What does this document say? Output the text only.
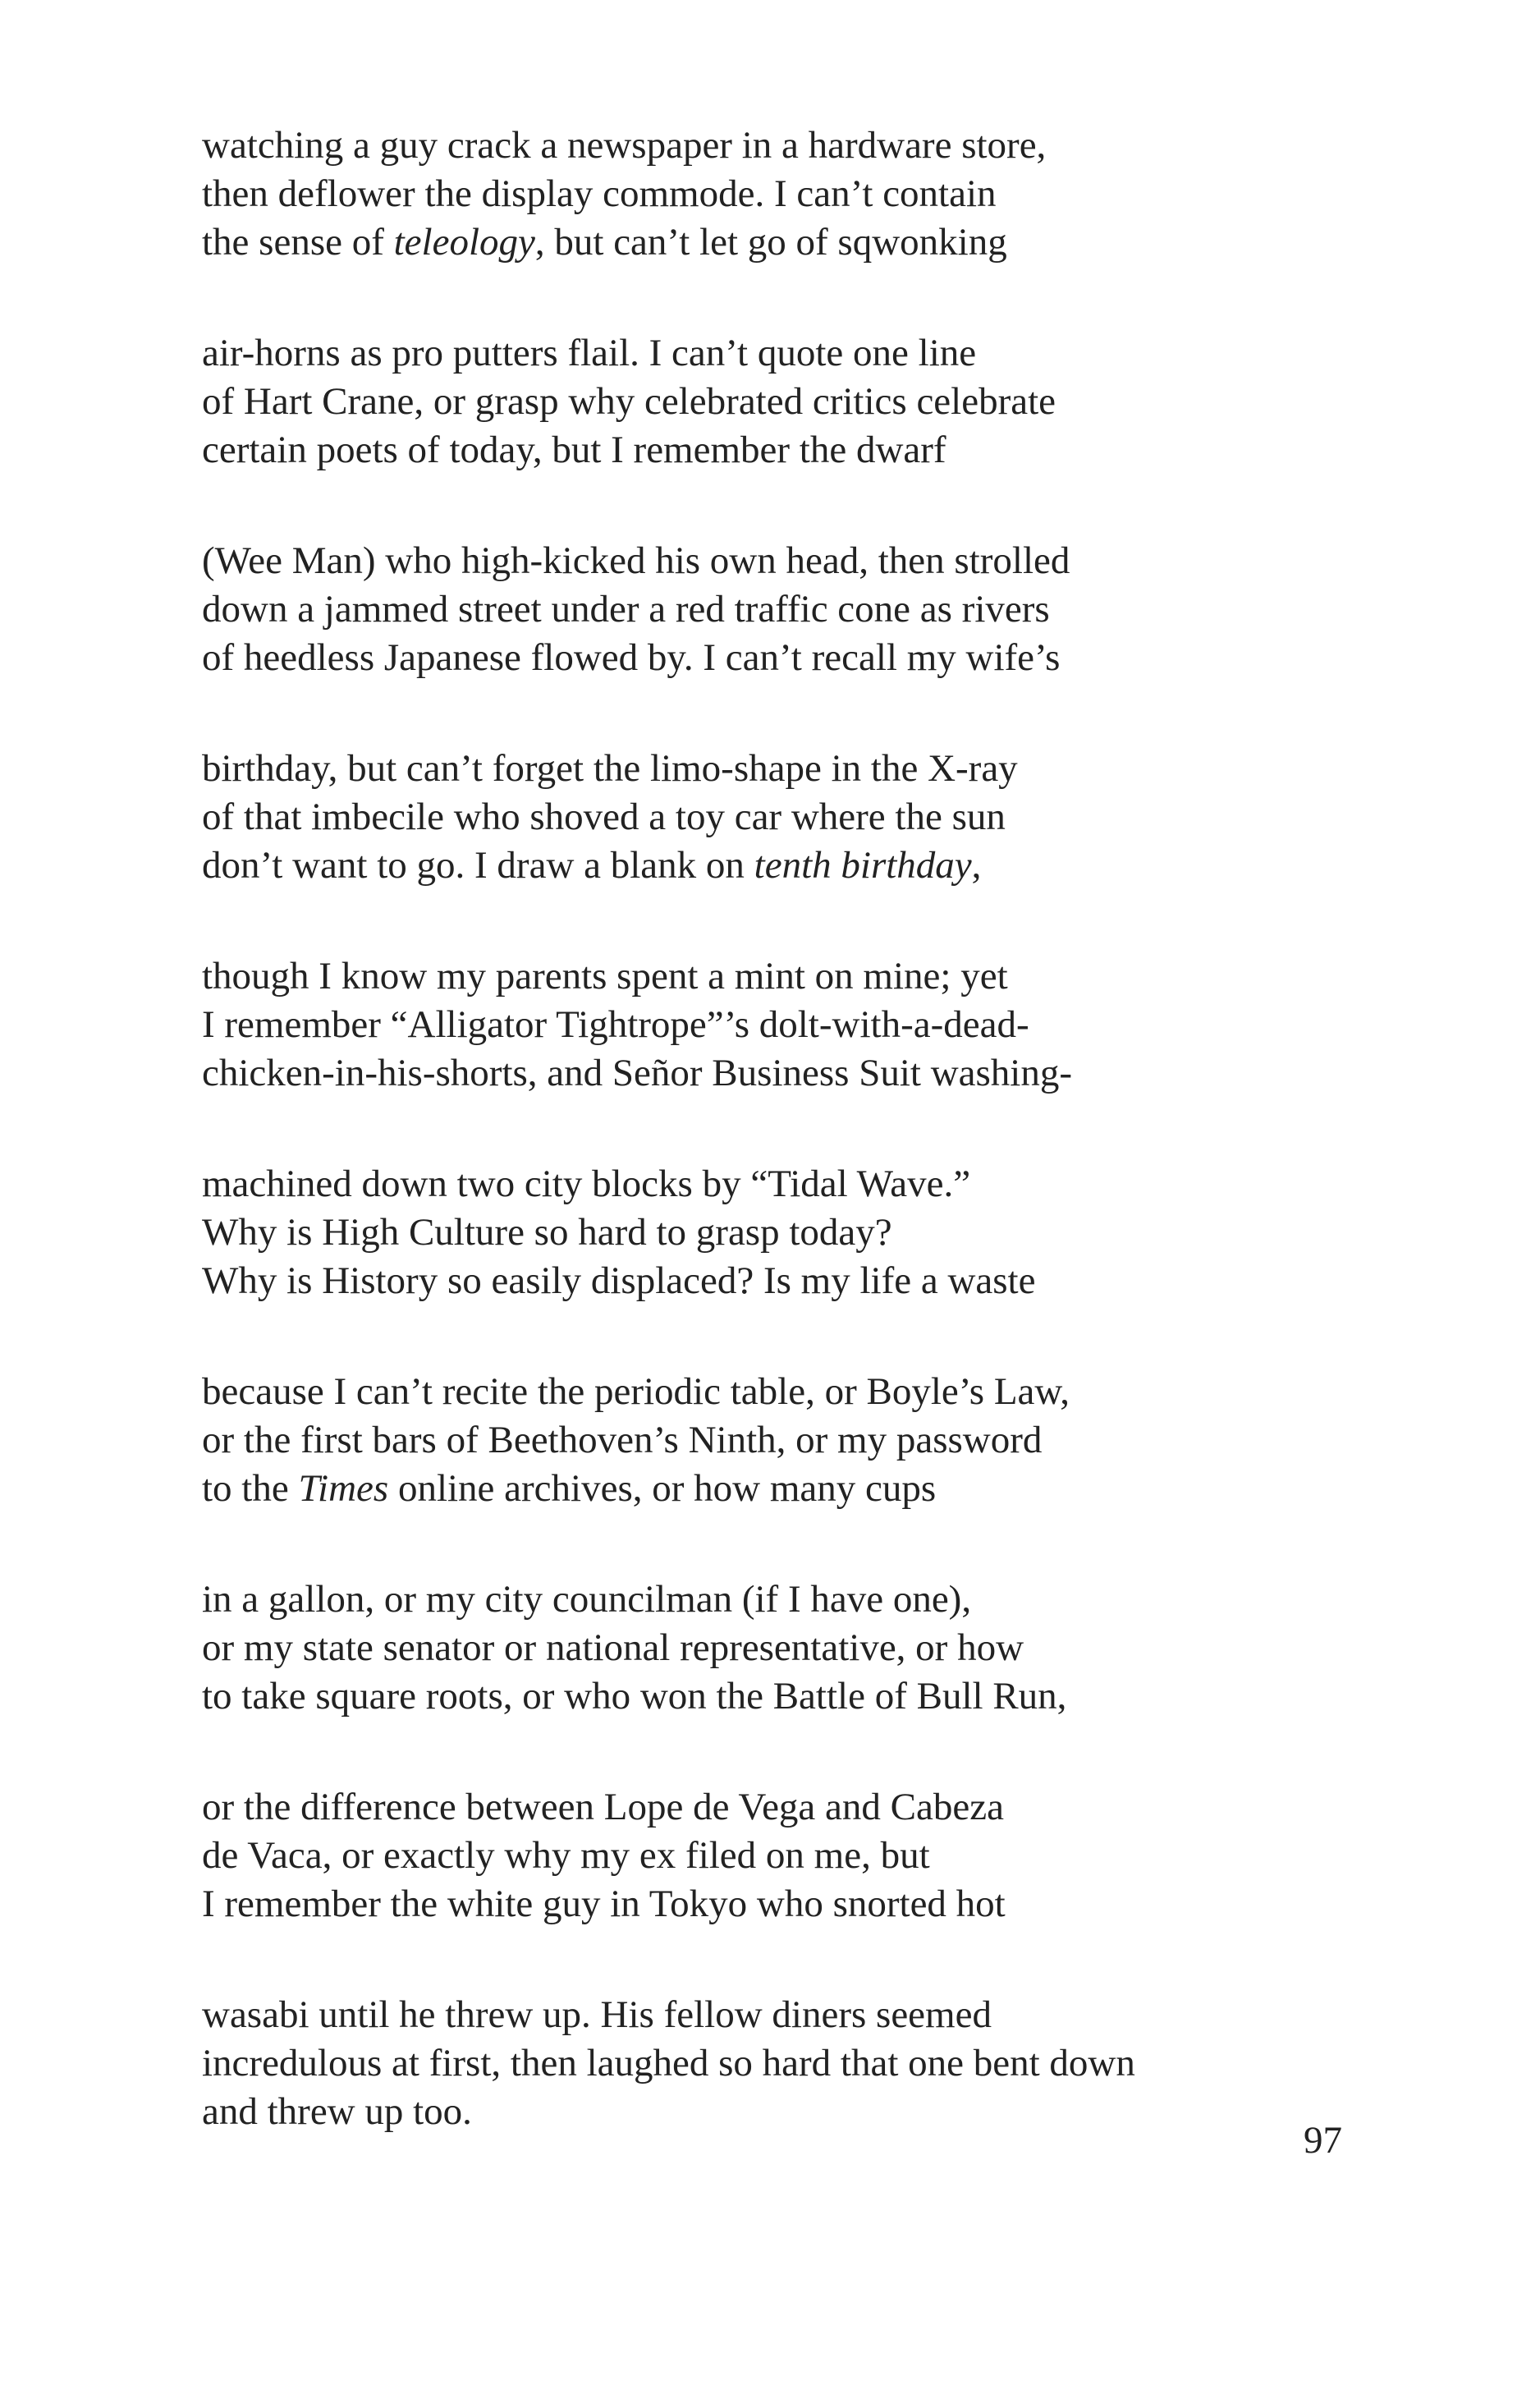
watching a guy crack a newspaper in a hardware store,
then deflower the display commode. I can’t contain
the sense of teleology, but can’t let go of sqwonking
air-horns as pro putters flail. I can’t quote one line
of Hart Crane, or grasp why celebrated critics celebrate
certain poets of today, but I remember the dwarf
(Wee Man) who high-kicked his own head, then strolled
down a jammed street under a red traffic cone as rivers
of heedless Japanese flowed by. I can’t recall my wife’s
birthday, but can’t forget the limo-shape in the X-ray
of that imbecile who shoved a toy car where the sun
don’t want to go. I draw a blank on tenth birthday,
though I know my parents spent a mint on mine; yet
I remember “Alligator Tightrope”’s dolt-with-a-dead-
chicken-in-his-shorts, and Señor Business Suit washing-
machined down two city blocks by “Tidal Wave.”
Why is High Culture so hard to grasp today?
Why is History so easily displaced? Is my life a waste
because I can’t recite the periodic table, or Boyle’s Law,
or the first bars of Beethoven’s Ninth, or my password
to the Times online archives, or how many cups
in a gallon, or my city councilman (if I have one),
or my state senator or national representative, or how
to take square roots, or who won the Battle of Bull Run,
or the difference between Lope de Vega and Cabeza
de Vaca, or exactly why my ex filed on me, but
I remember the white guy in Tokyo who snorted hot
wasabi until he threw up. His fellow diners seemed
incredulous at first, then laughed so hard that one bent down
and threw up too.
97
